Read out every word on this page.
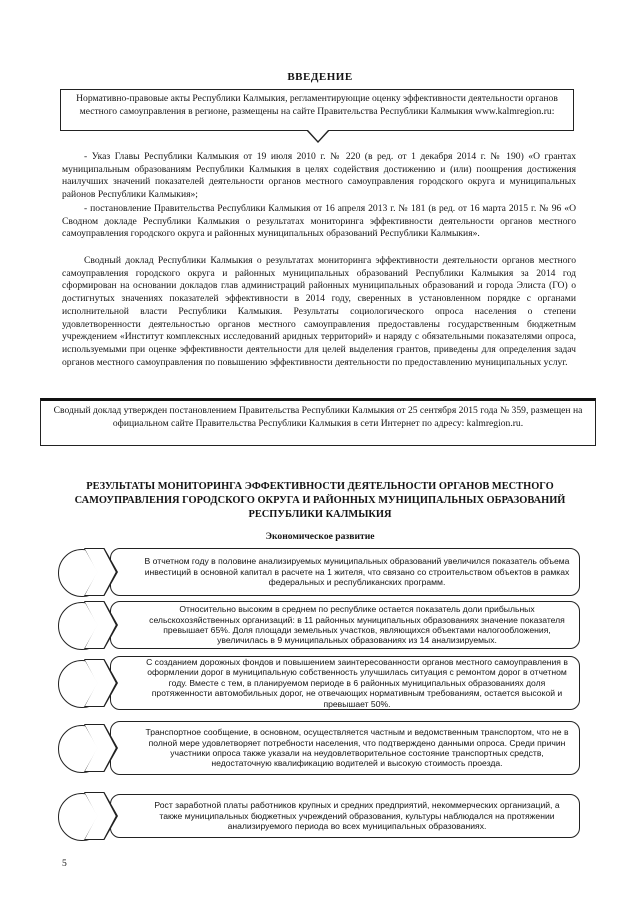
ВВЕДЕНИЕ
Нормативно-правовые акты Республики Калмыкия, регламентирующие оценку эффективности деятельности органов местного самоуправления в регионе, размещены на сайте Правительства Республики Калмыкия www.kalmregion.ru:
- Указ Главы Республики Калмыкия от 19 июля 2010 г. № 220 (в ред. от 1 декабря 2014 г. № 190) «О грантах муниципальным образованиям Республики Калмыкия в целях содействия достижению и (или) поощрения достижения наилучших значений показателей деятельности органов местного самоуправления городского округа и муниципальных районов Республики Калмыкия»;
- постановление Правительства Республики Калмыкия от 16 апреля 2013 г. № 181 (в ред. от 16 марта 2015 г. № 96 «О Сводном докладе Республики Калмыкия о результатах мониторинга эффективности деятельности органов местного самоуправления городского округа и районных муниципальных образований Республики Калмыкия».
Сводный доклад Республики Калмыкия о результатах мониторинга эффективности деятельности органов местного самоуправления городского округа и районных муниципальных образований Республики Калмыкия за 2014 год сформирован на основании докладов глав администраций районных муниципальных образований и города Элиста (ГО) о достигнутых значениях показателей эффективности в 2014 году, сверенных в установленном порядке с органами исполнительной власти Республики Калмыкия. Результаты социологического опроса населения о степени удовлетворенности деятельностью органов местного самоуправления предоставлены государственным бюджетным учреждением «Институт комплексных исследований аридных территорий» и наряду с обязательными показателями опроса, используемыми при оценке эффективности деятельности для целей выделения грантов, приведены для определения задач органов местного самоуправления по повышению эффективности деятельности по предоставлению муниципальных услуг.
Сводный доклад утвержден постановлением Правительства Республики Калмыкия от 25 сентября 2015 года № 359, размещен на официальном сайте Правительства Республики Калмыкия в сети Интернет по адресу: kalmregion.ru.
РЕЗУЛЬТАТЫ МОНИТОРИНГА ЭФФЕКТИВНОСТИ ДЕЯТЕЛЬНОСТИ ОРГАНОВ МЕСТНОГО САМОУПРАВЛЕНИЯ ГОРОДСКОГО ОКРУГА И РАЙОННЫХ МУНИЦИПАЛЬНЫХ ОБРАЗОВАНИЙ РЕСПУБЛИКИ КАЛМЫКИЯ
Экономическое развитие
В отчетном году в половине анализируемых муниципальных образований увеличился показатель объема инвестиций в основной капитал в расчете на 1 жителя, что связано со строительством объектов в рамках федеральных и республиканских программ.
Относительно высоким в среднем по республике остается показатель доли прибыльных сельскохозяйственных организаций: в 11 районных муниципальных образованиях значение показателя превышает 65%. Доля площади земельных участков, являющихся объектами налогообложения, увеличилась в 9 муниципальных образованиях из 14 анализируемых.
С созданием дорожных фондов и повышением заинтересованности органов местного самоуправления в оформлении дорог в муниципальную собственность улучшилась ситуация с ремонтом дорог в отчетном году. Вместе с тем, в планируемом периоде в 6 районных муниципальных образованиях доля протяженности автомобильных дорог, не отвечающих нормативным требованиям, остается высокой и превышает 50%.
Транспортное сообщение, в основном, осуществляется частным и ведомственным транспортом, что не в полной мере удовлетворяет потребности населения, что подтверждено данными опроса. Среди причин участники опроса также указали на неудовлетворительное состояние транспортных средств, недостаточную квалификацию водителей и высокую стоимость проезда.
Рост заработной платы работников крупных и средних предприятий, некоммерческих организаций, а также муниципальных бюджетных учреждений образования, культуры наблюдался на протяжении анализируемого периода во всех муниципальных образованиях.
5
